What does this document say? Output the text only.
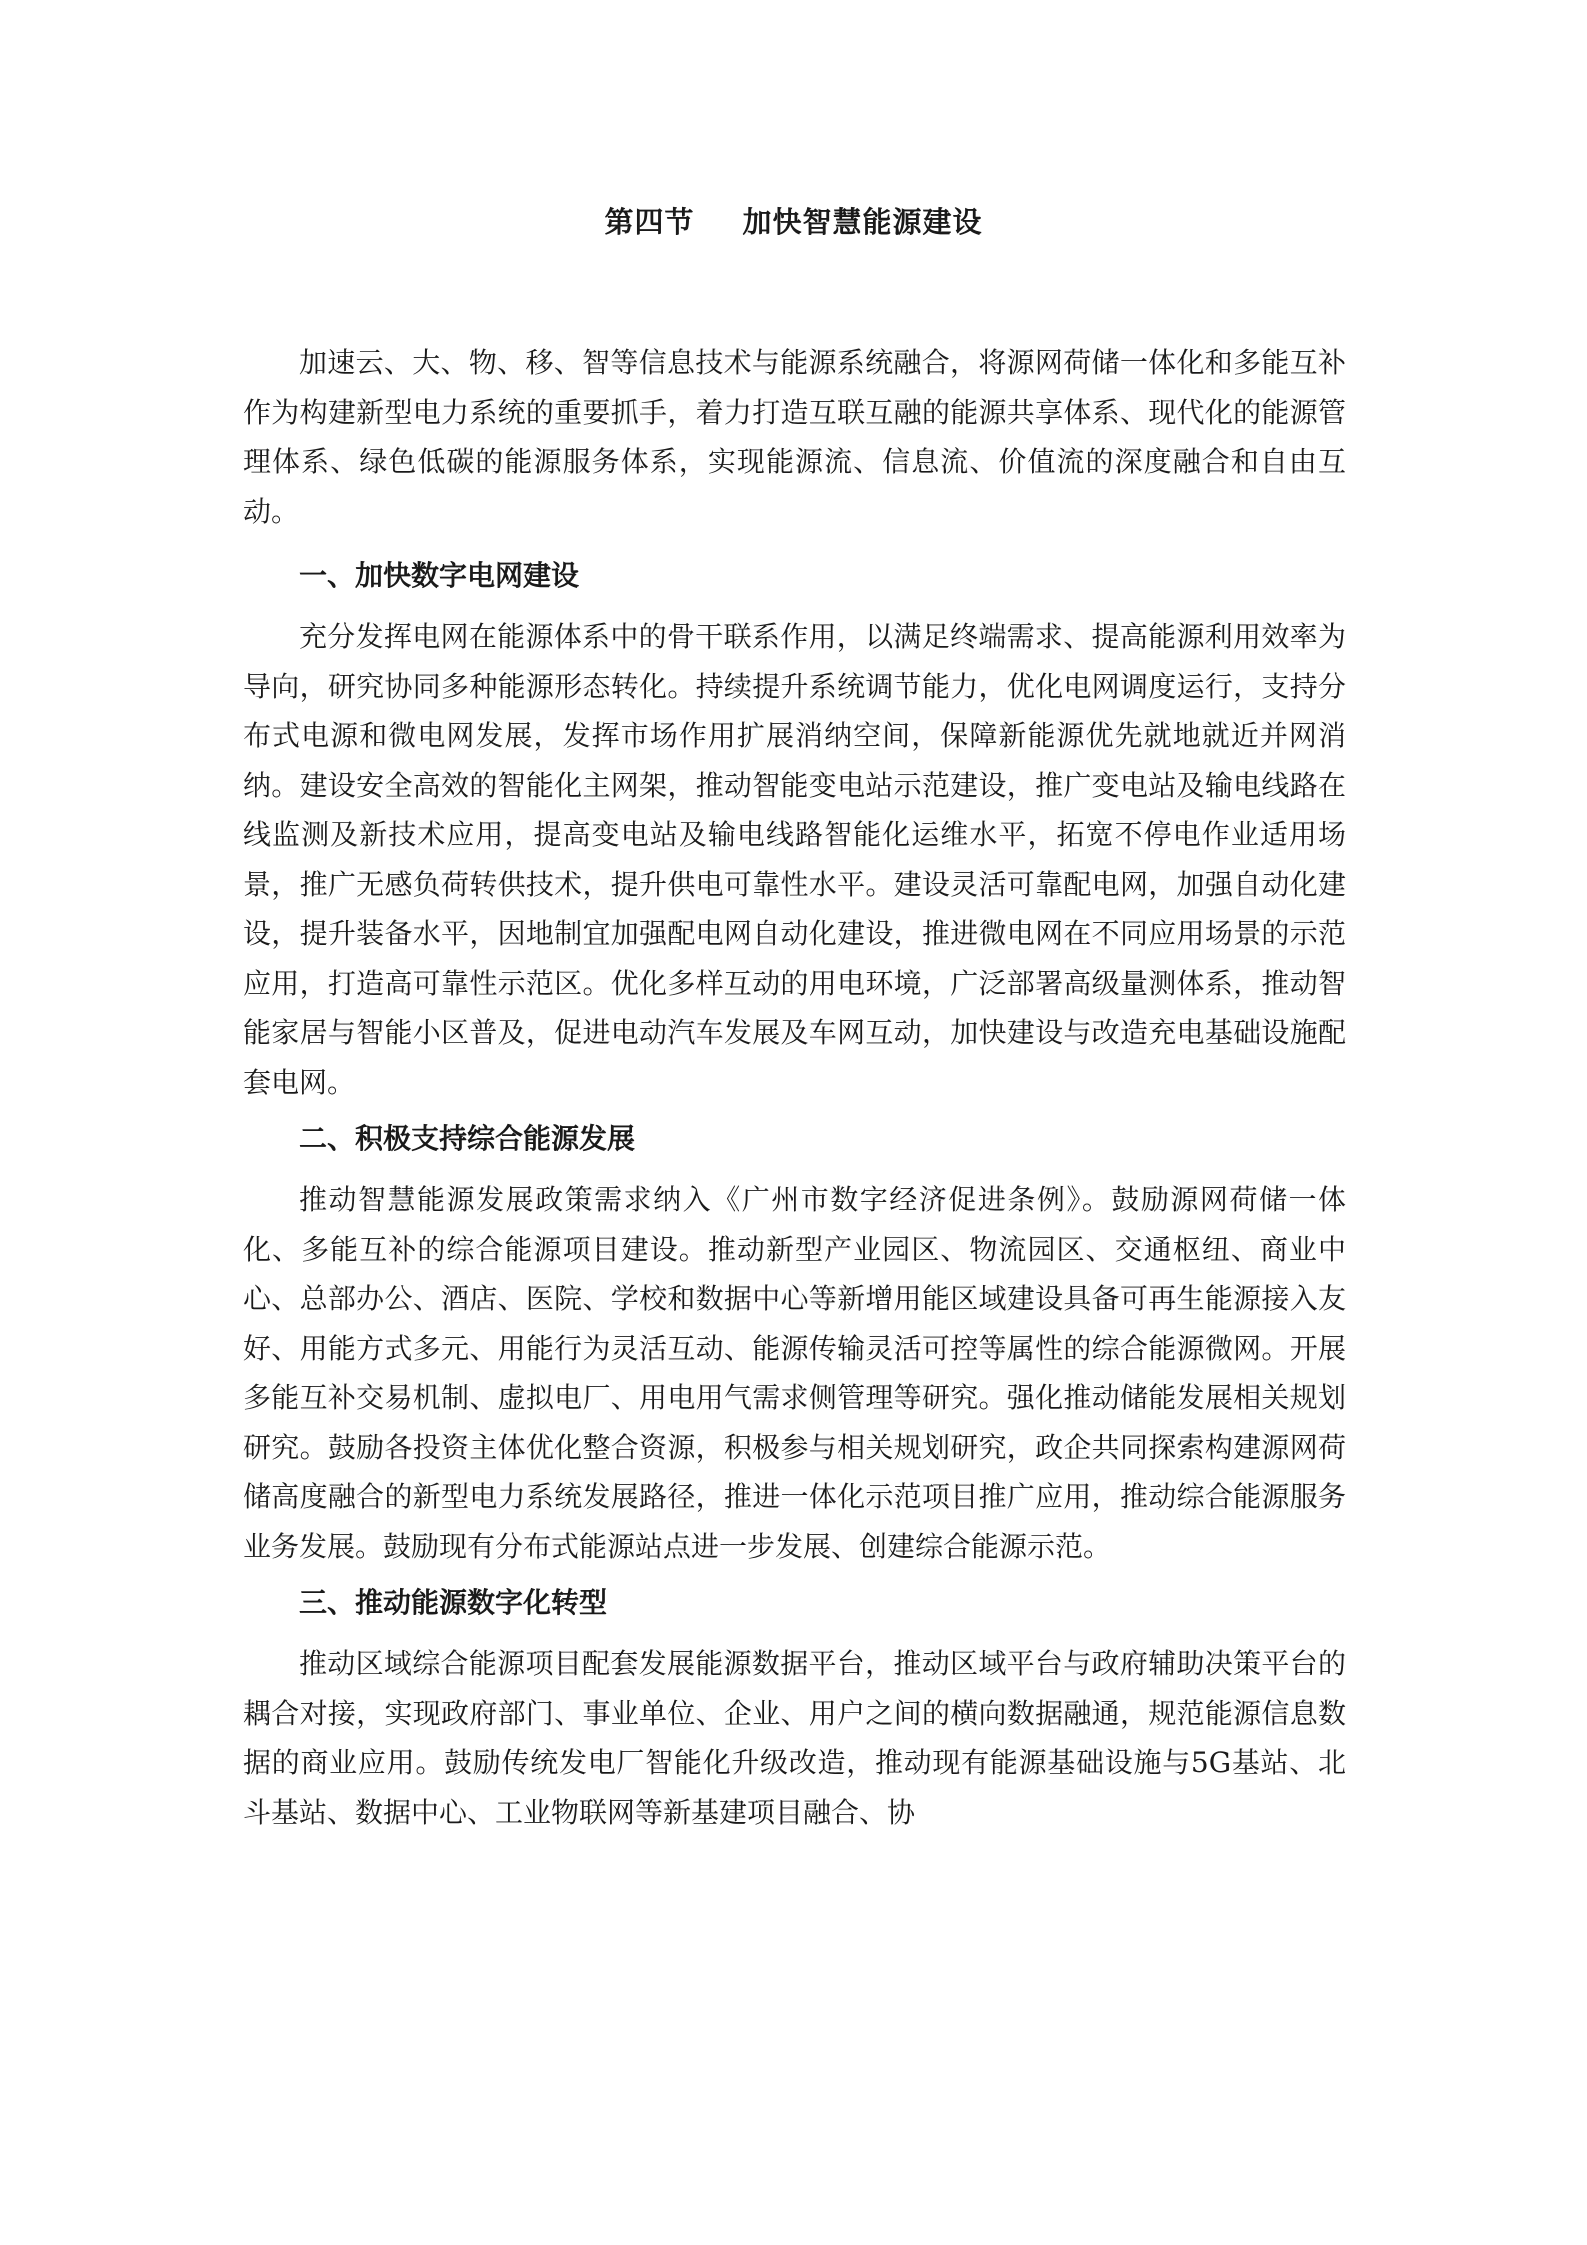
第四节 加快智慧能源建设

加速云、大、物、移、智等信息技术与能源系统融合，将源网荷储一体化和多能互补作为构建新型电力系统的重要抓手，着力打造互联互融的能源共享体系、现代化的能源管理体系、绿色低碳的能源服务体系，实现能源流、信息流、价值流的深度融合和自由互动。

一、加快数字电网建设

充分发挥电网在能源体系中的骨干联系作用，以满足终端需求、提高能源利用效率为导向，研究协同多种能源形态转化。持续提升系统调节能力，优化电网调度运行，支持分布式电源和微电网发展，发挥市场作用扩展消纳空间，保障新能源优先就地就近并网消纳。建设安全高效的智能化主网架，推动智能变电站示范建设，推广变电站及输电线路在线监测及新技术应用，提高变电站及输电线路智能化运维水平，拓宽不停电作业适用场景，推广无感负荷转供技术，提升供电可靠性水平。建设灵活可靠配电网，加强自动化建设，提升装备水平，因地制宜加强配电网自动化建设，推进微电网在不同应用场景的示范应用，打造高可靠性示范区。优化多样互动的用电环境，广泛部署高级量测体系，推动智能家居与智能小区普及，促进电动汽车发展及车网互动，加快建设与改造充电基础设施配套电网。

二、积极支持综合能源发展

推动智慧能源发展政策需求纳入《广州市数字经济促进条例》。鼓励源网荷储一体化、多能互补的综合能源项目建设。推动新型产业园区、物流园区、交通枢纽、商业中心、总部办公、酒店、医院、学校和数据中心等新增用能区域建设具备可再生能源接入友好、用能方式多元、用能行为灵活互动、能源传输灵活可控等属性的综合能源微网。开展多能互补交易机制、虚拟电厂、用电用气需求侧管理等研究。强化推动储能发展相关规划研究。鼓励各投资主体优化整合资源，积极参与相关规划研究，政企共同探索构建源网荷储高度融合的新型电力系统发展路径，推进一体化示范项目推广应用，推动综合能源服务业务发展。鼓励现有分布式能源站点进一步发展、创建综合能源示范。

三、推动能源数字化转型

推动区域综合能源项目配套发展能源数据平台，推动区域平台与政府辅助决策平台的耦合对接，实现政府部门、事业单位、企业、用户之间的横向数据融通，规范能源信息数据的商业应用。鼓励传统发电厂智能化升级改造，推动现有能源基础设施与5G基站、北斗基站、数据中心、工业物联网等新基建项目融合、协
